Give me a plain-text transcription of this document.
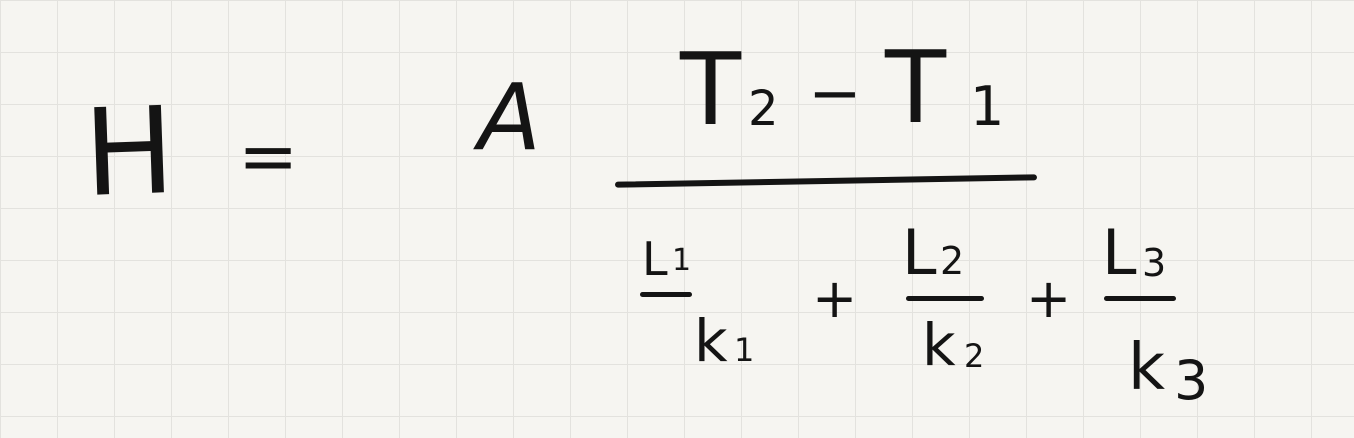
H = A T 2 − T 1
L 1
k 1
+
L 2
k 2
+
L 3
k 3
